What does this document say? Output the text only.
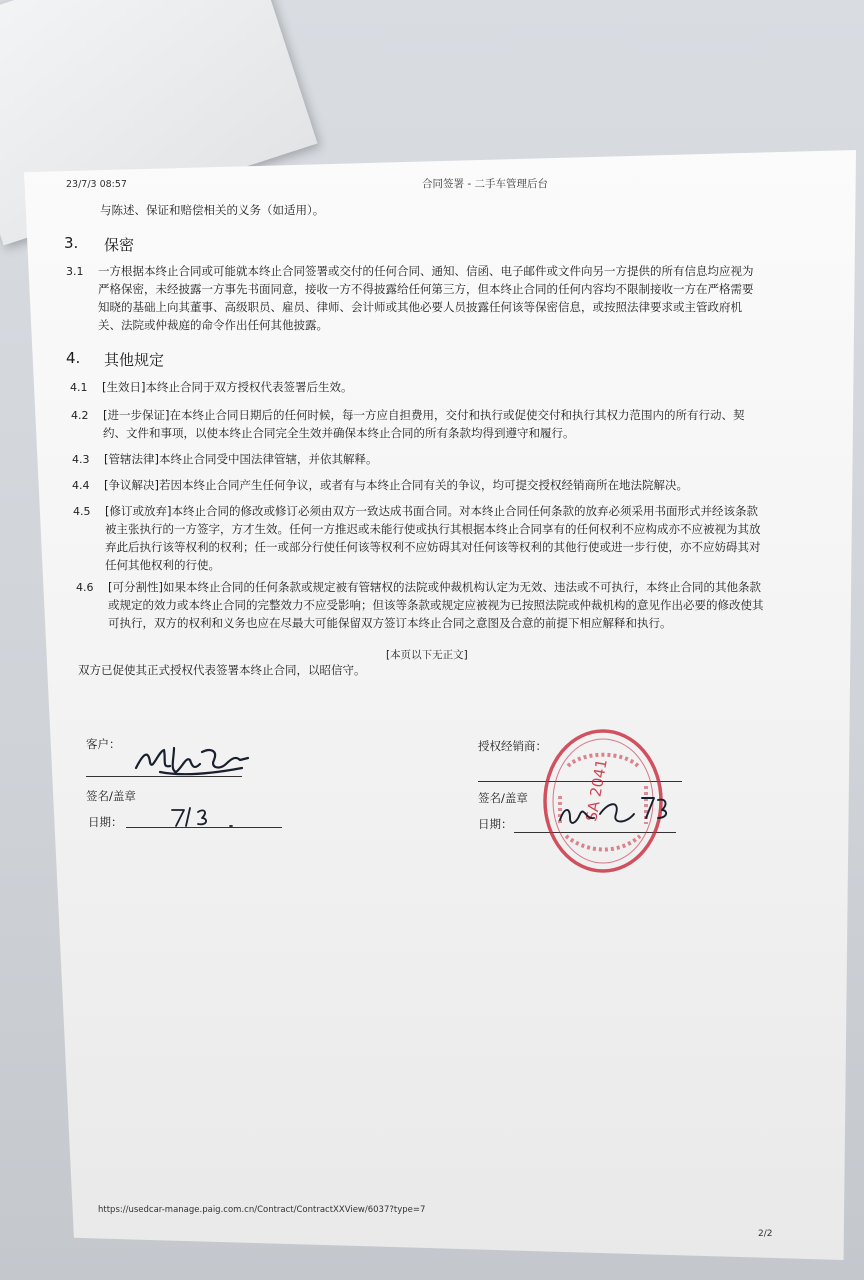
23/7/3 08:57	合同签署 - 二手车管理后台
与陈述、保证和赔偿相关的义务（如适用）。
3. 保密
3.1 一方根据本终止合同或可能就本终止合同签署或交付的任何合同、通知、信函、电子邮件或文件向另一方提供的所有信息均应视为
严格保密，未经披露一方事先书面同意，接收一方不得披露给任何第三方，但本终止合同的任何内容均不限制接收一方在严格需要
知晓的基础上向其董事、高级职员、雇员、律师、会计师或其他必要人员披露任何该等保密信息，或按照法律要求或主管政府机
关、法院或仲裁庭的命令作出任何其他披露。
4. 其他规定
4.1 [生效日]本终止合同于双方授权代表签署后生效。
4.2 [进一步保证]在本终止合同日期后的任何时候，每一方应自担费用，交付和执行或促使交付和执行其权力范围内的所有行动、契
约、文件和事项，以使本终止合同完全生效并确保本终止合同的所有条款均得到遵守和履行。
4.3 [管辖法律]本终止合同受中国法律管辖，并依其解释。
4.4 [争议解决]若因本终止合同产生任何争议，或者有与本终止合同有关的争议，均可提交授权经销商所在地法院解决。
4.5 [修订或放弃]本终止合同的修改或修订必须由双方一致达成书面合同。对本终止合同任何条款的放弃必须采用书面形式并经该条款
被主张执行的一方签字，方才生效。任何一方推迟或未能行使或执行其根据本终止合同享有的任何权利不应构成亦不应被视为其放
弃此后执行该等权利的权利；任一或部分行使任何该等权利不应妨碍其对任何该等权利的其他行使或进一步行使，亦不应妨碍其对
任何其他权利的行使。
4.6 [可分割性]如果本终止合同的任何条款或规定被有管辖权的法院或仲裁机构认定为无效、违法或不可执行，本终止合同的其他条款
或规定的效力或本终止合同的完整效力不应受影响；但该等条款或规定应被视为已按照法院或仲裁机构的意见作出必要的修改使其
可执行，双方的权利和义务也应在尽最大可能保留双方签订本终止合同之意图及合意的前提下相应解释和执行。
[本页以下无正文]
双方已促使其正式授权代表签署本终止合同，以昭信守。
客户：
签名/盖章
日期：
授权经销商：
签名/盖章
日期：
SA 2041
https://usedcar-manage.paig.com.cn/Contract/ContractXXView/6037?type=7
2/2
